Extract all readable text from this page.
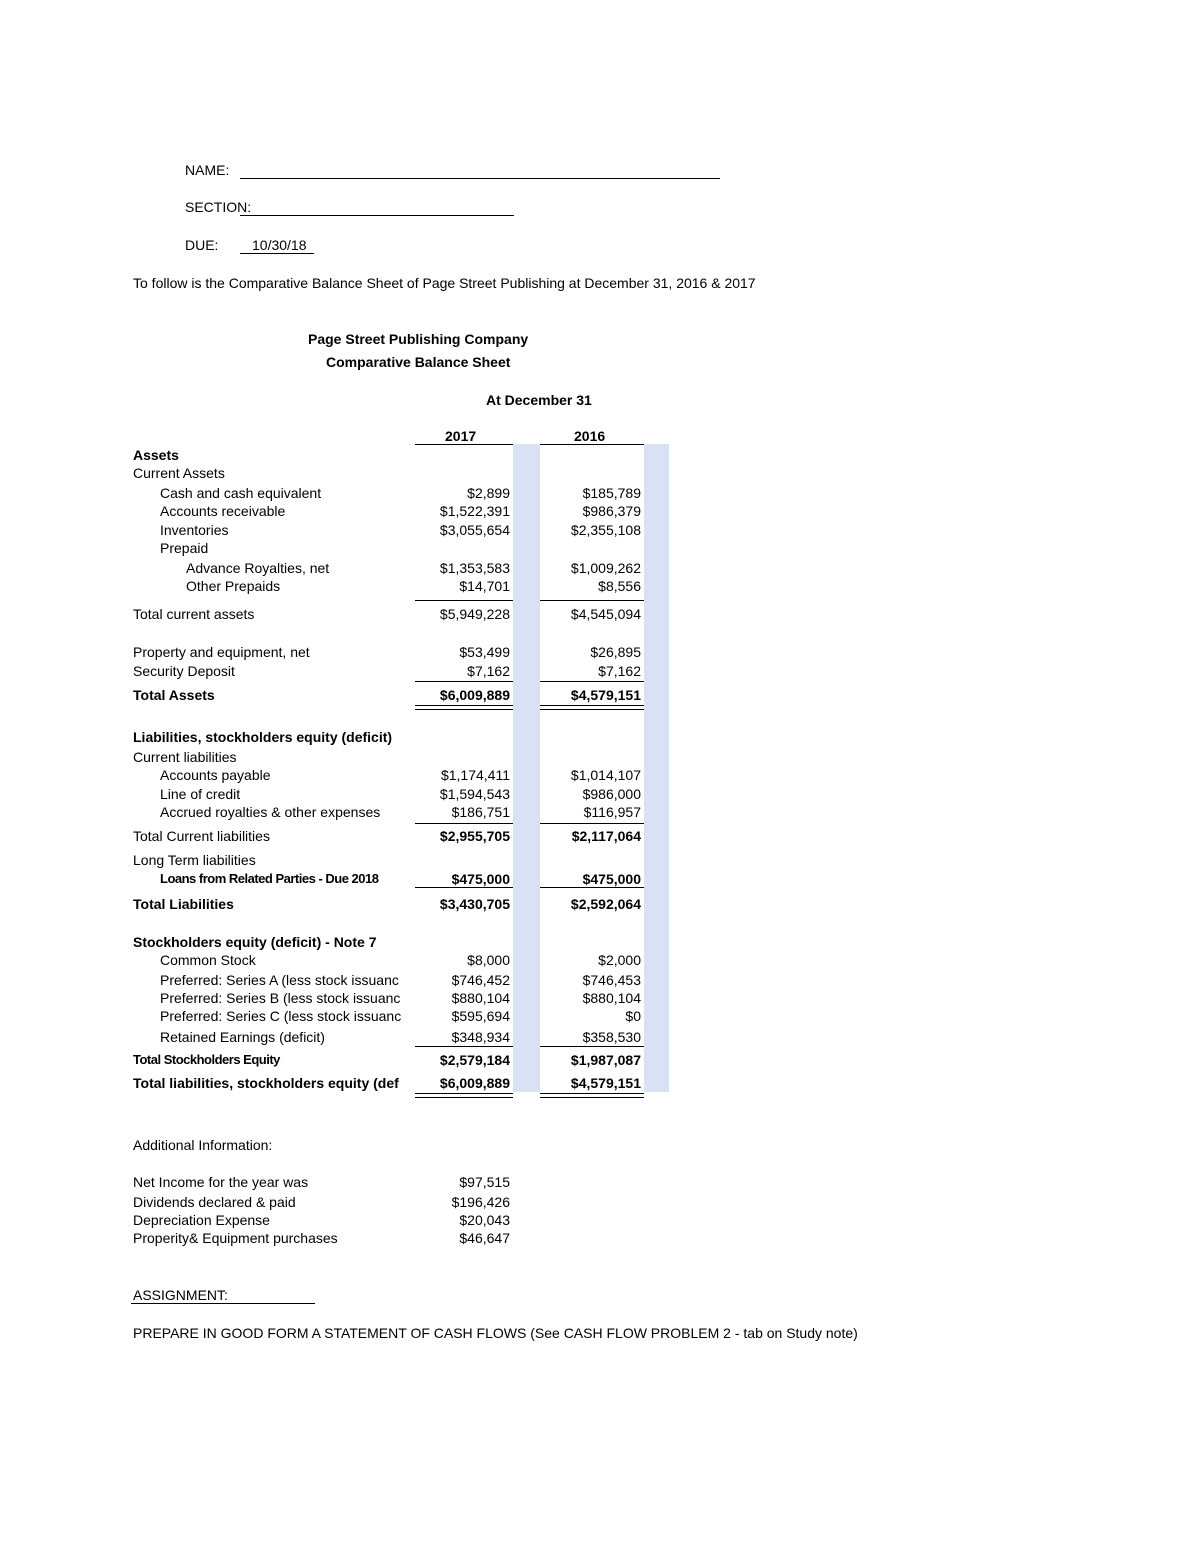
NAME:
SECTION:
DUE: 10/30/18
To follow is the Comparative Balance Sheet of Page Street Publishing at December 31, 2016 & 2017
Page Street Publishing Company
Comparative Balance Sheet
At December 31
2017	2016
Assets
Current Assets
Cash and cash equivalent	$2,899	$185,789
Accounts receivable	$1,522,391	$986,379
Inventories	$3,055,654	$2,355,108
Prepaid
Advance Royalties, net	$1,353,583	$1,009,262
Other Prepaids	$14,701	$8,556
Total current assets	$5,949,228	$4,545,094
Property and equipment, net	$53,499	$26,895
Security Deposit	$7,162	$7,162
Total Assets	$6,009,889	$4,579,151
Liabilities, stockholders equity (deficit)
Current liabilities
Accounts payable	$1,174,411	$1,014,107
Line of credit	$1,594,543	$986,000
Accrued royalties & other expenses	$186,751	$116,957
Total Current liabilities	$2,955,705	$2,117,064
Long Term liabilities
Loans from Related Parties - Due 2018	$475,000	$475,000
Total Liabilities	$3,430,705	$2,592,064
Stockholders equity (deficit) - Note 7
Common Stock	$8,000	$2,000
Preferred: Series A (less stock issuanc	$746,452	$746,453
Preferred: Series B (less stock issuanc	$880,104	$880,104
Preferred: Series C (less stock issuanc	$595,694	$0
Retained Earnings (deficit)	$348,934	$358,530
Total Stockholders Equity	$2,579,184	$1,987,087
Total liabilities, stockholders equity (def	$6,009,889	$4,579,151
Additional Information:
Net Income for the year was	$97,515
Dividends declared & paid	$196,426
Depreciation Expense	$20,043
Properity& Equipment purchases	$46,647
ASSIGNMENT:
PREPARE IN GOOD FORM A STATEMENT OF CASH FLOWS (See CASH FLOW PROBLEM 2 - tab on Study note)
